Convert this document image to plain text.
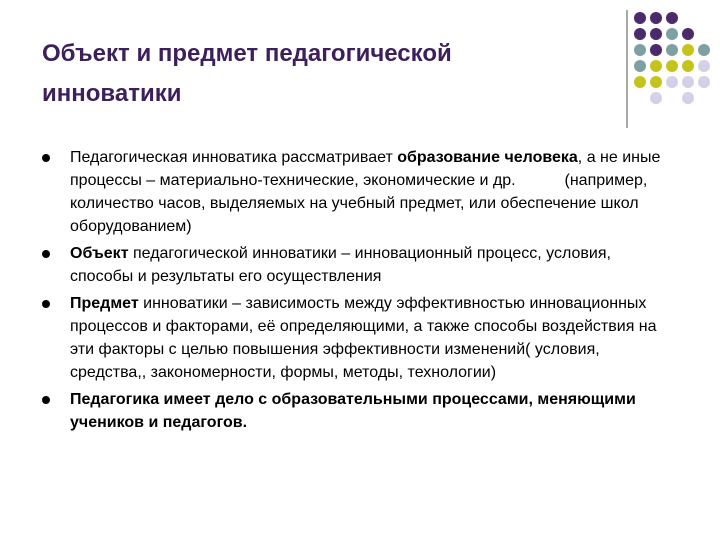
Объект и предмет педагогической
инноватики
Педагогическая инноватика рассматривает образование человека, а не иные процессы – материально-технические, экономические и др.           (например, количество часов, выделяемых на учебный предмет, или обеспечение школ оборудованием)
Объект педагогической инноватики – инновационный процесс, условия, способы и результаты его осуществления
Предмет инноватики – зависимость между эффективностью инновационных процессов и факторами, её определяющими, а также способы воздействия на эти факторы с целью повышения эффективности изменений( условия, средства,, закономерности, формы, методы, технологии)
Педагогика имеет дело с образовательными процессами, меняющими учеников и педагогов.
